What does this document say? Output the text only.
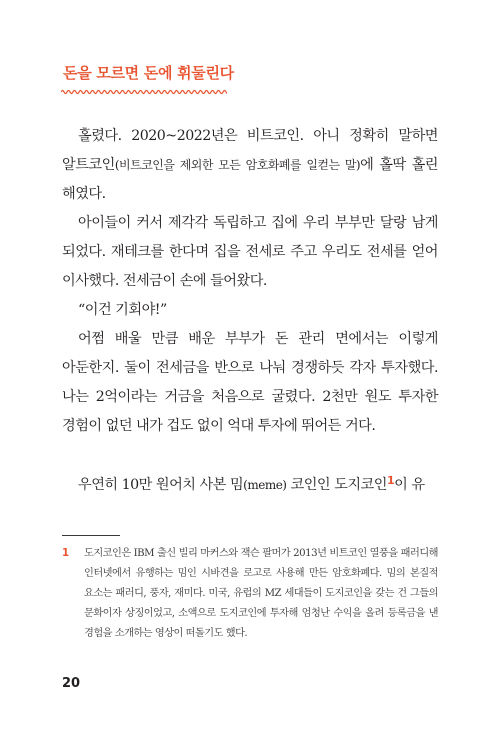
돈을 모르면 돈에 휘둘린다

홀렸다. 2020~2022년은 비트코인. 아니 정확히 말하면 알트코인(비트코인을 제외한 모든 암호화폐를 일컫는 말)에 홀딱 홀린 해였다.

아이들이 커서 제각각 독립하고 집에 우리 부부만 달랑 남게 되었다. 재테크를 한다며 집을 전세로 주고 우리도 전세를 얻어 이사했다. 전세금이 손에 들어왔다.

“이건 기회야!”

어쩜 배울 만큼 배운 부부가 돈 관리 면에서는 이렇게 아둔한지. 둘이 전세금을 반으로 나눠 경쟁하듯 각자 투자했다. 나는 2억이라는 거금을 처음으로 굴렸다. 2천만 원도 투자한 경험이 없던 내가 겁도 없이 억대 투자에 뛰어든 거다.

우연히 10만 원어치 사본 밈(meme) 코인인 도지코인$^1$이 유

1 도지코인은 IBM 출신 빌리 마커스와 잭슨 팔머가 2013년 비트코인 열풍을 패러디해 인터넷에서 유행하는 밈인 시바견을 로고로 사용해 만든 암호화폐다. 밈의 본질적 요소는 패러디, 풍자, 재미다. 미국, 유럽의 MZ 세대들이 도지코인을 갖는 건 그들의 문화이자 상징이었고, 소액으로 도지코인에 투자해 엄청난 수익을 올려 등록금을 낸 경험을 소개하는 영상이 떠돌기도 했다.
20
